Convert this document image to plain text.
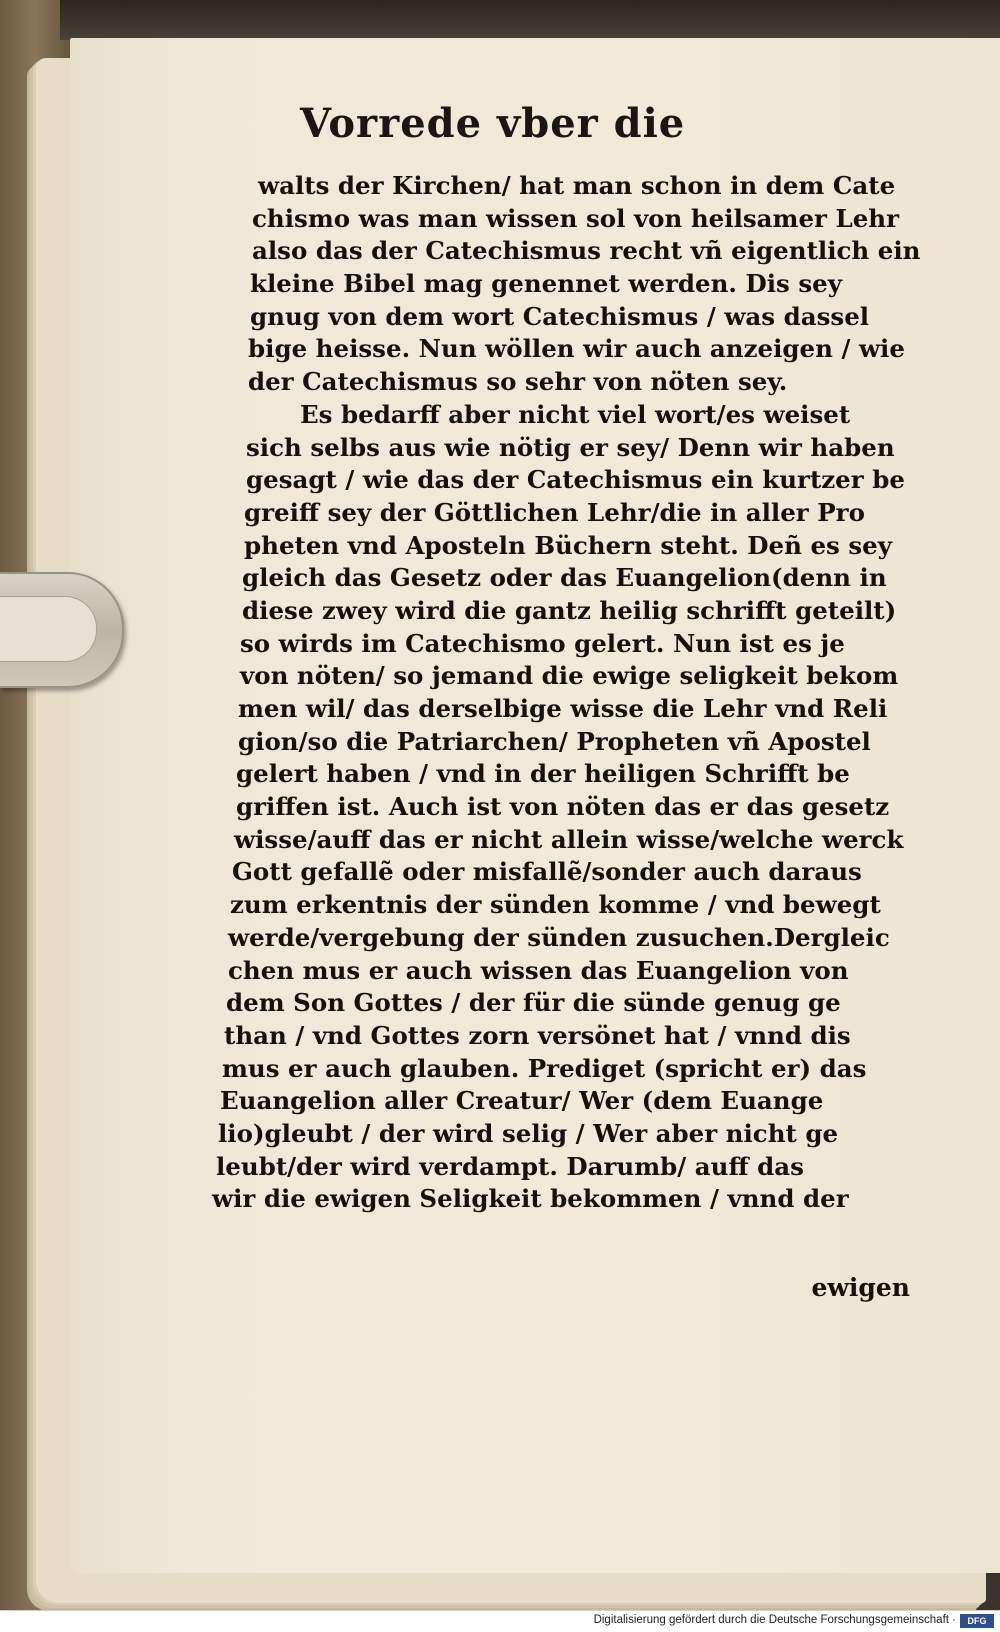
Vorrede vber die
walts der Kirchen/ hat man schon in dem Cate
chismo was man wissen sol von heilsamer Lehr
also das der Catechismus recht vñ eigentlich ein
kleine Bibel mag genennet werden. Dis sey
gnug von dem wort Catechismus / was dassel
bige heisse. Nun wöllen wir auch anzeigen / wie
der Catechismus so sehr von nöten sey.
Es bedarff aber nicht viel wort/es weiset
sich selbs aus wie nötig er sey/ Denn wir haben
gesagt / wie das der Catechismus ein kurtzer be
greiff sey der Göttlichen Lehr/die in aller Pro
pheten vnd Aposteln Büchern steht. Deñ es sey
gleich das Gesetz oder das Euangelion(denn in
diese zwey wird die gantz heilig schrifft geteilt)
so wirds im Catechismo gelert. Nun ist es je
von nöten/ so jemand die ewige seligkeit bekom
men wil/ das derselbige wisse die Lehr vnd Reli
gion/so die Patriarchen/ Propheten vñ Apostel
gelert haben / vnd in der heiligen Schrifft be
griffen ist. Auch ist von nöten das er das gesetz
wisse/auff das er nicht allein wisse/welche werck
Gott gefallẽ oder misfallẽ/sonder auch daraus
zum erkentnis der sünden komme / vnd bewegt
werde/vergebung der sünden zusuchen.Dergleic
chen mus er auch wissen das Euangelion von
dem Son Gottes / der für die sünde genug ge
than / vnd Gottes zorn versönet hat / vnnd dis
mus er auch glauben. Prediget (spricht er) das
Euangelion aller Creatur/ Wer (dem Euange
lio)gleubt / der wird selig / Wer aber nicht ge
leubt/der wird verdampt. Darumb/ auff das
wir die ewigen Seligkeit bekommen / vnnd der
ewigen
Digitalisierung gefördert durch die Deutsche Forschungsgemeinschaft ·	DFG
